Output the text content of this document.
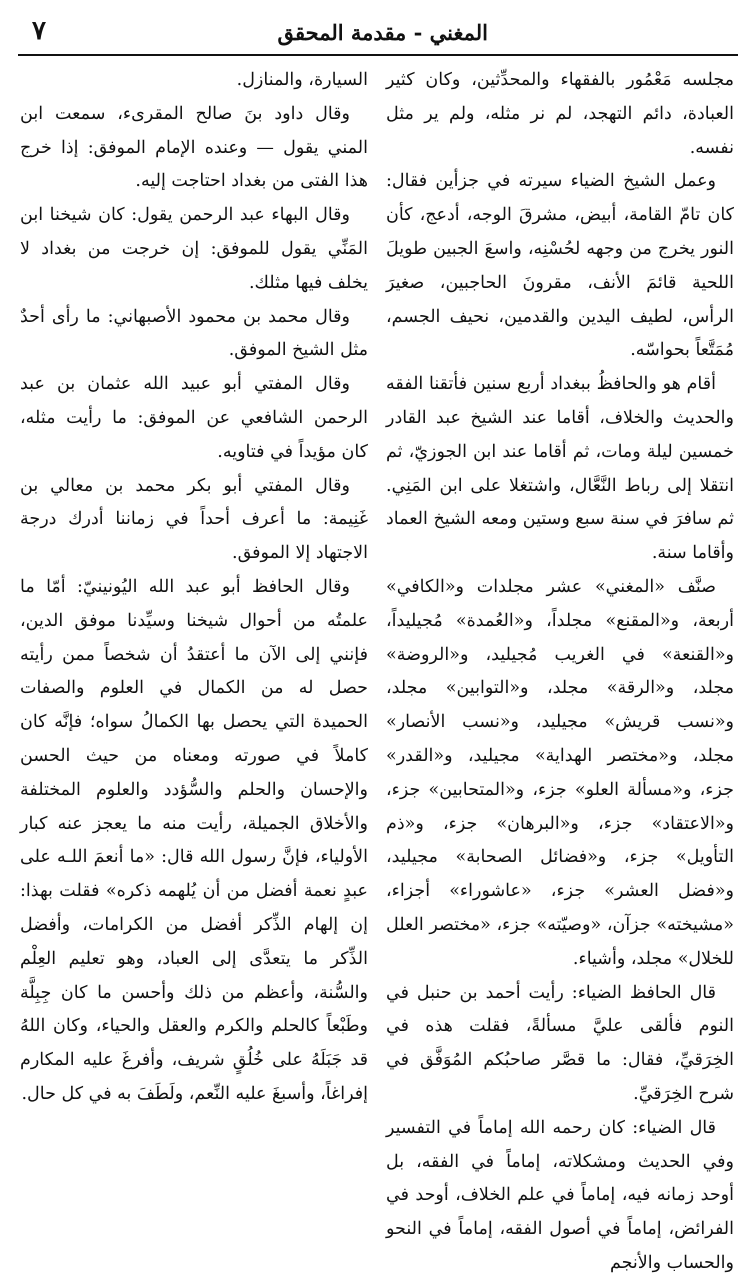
٧	المغني - مقدمة المحقق

مجلسه مَعْمُور بالفقهاء والمحدِّثين، وكان كثير العبادة، دائم التهجد، لم نر مثله، ولم ير مثل نفسه.

وعمل الشيخ الضياء سيرته في جزأين فقال: كان تامّ القامة، أبيض، مشرقَ الوجه، أدعج، كأن النور يخرج من وجهه لحُسْنِه، واسعَ الجبين طويلَ اللحية قائمَ الأنف، مقرونَ الحاجبين، صغيرَ الرأس، لطيف اليدين والقدمين، نحيف الجسم، مُمَتَّعاً بحواسّه.

أقام هو والحافظُ ببغداد أربع سنين فأتقنا الفقه والحديث والخلاف، أقاما عند الشيخ عبد القادر خمسين ليلة ومات، ثم أقاما عند ابن الجوزيّ، ثم انتقلا إلى رباط النَّعَّال، واشتغلا على ابن المَنِي. ثم سافرَ في سنة سبع وستين ومعه الشيخ العماد وأقاما سنة.

صنَّف «المغني» عشر مجلدات و«الكافي» أربعة، و«المقنع» مجلداً، و«العُمدة» مُجيليداً، و«القنعة» في الغريب مُجيليد، و«الروضة» مجلد، و«الرقة» مجلد، و«التوابين» مجلد، و«نسب قريش» مجيليد، و«نسب الأنصار» مجلد، و«مختصر الهداية» مجيليد، و«القدر» جزء، و«مسألة العلو» جزء، و«المتحابين» جزء، و«الاعتقاد» جزء، و«البرهان» جزء، و«ذم التأويل» جزء، و«فضائل الصحابة» مجيليد، و«فضل العشر» جزء، «عاشوراء» أجزاء، «مشيخته» جزآن، «وصيّته» جزء، «مختصر العلل للخلال» مجلد، وأشياء.

قال الحافظ الضياء: رأيت أحمد بن حنبل في النوم فألقى عليَّ مسألةً، فقلت هذه في الخِرَقيِّ، فقال: ما قصَّر صاحبُكم المُوَفَّق في شرح الخِرَقيِّ.

قال الضياء: كان رحمه الله إماماً في التفسير وفي الحديث ومشكلاته، إماماً في الفقه، بل أوحد زمانه فيه، إماماً في علم الخلاف، أوحد في الفرائض، إماماً في أصول الفقه، إماماً في النحو والحساب والأنجم

السيارة، والمنازل.

وقال داود بنَ صالح المقرىء، سمعت ابن المني يقول — وعنده الإمام الموفق: إذا خرج هذا الفتى من بغداد احتاجت إليه.

وقال البهاء عبد الرحمن يقول: كان شيخنا ابن المَنِّي يقول للموفق: إن خرجت من بغداد لا يخلف فيها مثلك.

وقال محمد بن محمود الأصبهاني: ما رأى أحدٌ مثل الشيخ الموفق.

وقال المفتي أبو عبيد الله عثمان بن عبد الرحمن الشافعي عن الموفق: ما رأيت مثله، كان مؤيداً في فتاويه.

وقال المفتي أبو بكر محمد بن معالي بن غَنِيمة: ما أعرف أحداً في زماننا أدرك درجة الاجتهاد إلا الموفق.

وقال الحافظ أبو عبد الله اليُونينيّ: أمّا ما علمتُه من أحوال شيخنا وسيِّدنا موفق الدين، فإنني إلى الآن ما أعتقدُ أن شخصاً ممن رأيته حصل له من الكمال في العلوم والصفات الحميدة التي يحصل بها الكمالُ سواه؛ فإنَّه كان كاملاً في صورته ومعناه من حيث الحسن والإحسان والحلم والسُّؤدد والعلوم المختلفة والأخلاق الجميلة، رأيت منه ما يعجز عنه كبار الأولياء، فإنَّ رسول الله قال: «ما أنعمَ اللـه على عبدٍ نعمة أفضل من أن يُلهمه ذكره» فقلت بهذا: إن إلهام الذِّكر أفضل من الكرامات، وأفضل الذِّكر ما يتعدَّى إلى العباد، وهو تعليم العِلْم والسُّنة، وأعظم من ذلك وأحسن ما كان جِبِلَّة وطَبْعاً كالحلم والكرم والعقل والحياء، وكان اللهُ قد جَبَلَهُ على خُلُقٍ شريف، وأفرغَ عليه المكارم إفراغاً، وأسبغَ عليه النِّعم، ولَطَفَ به في كل حال.
